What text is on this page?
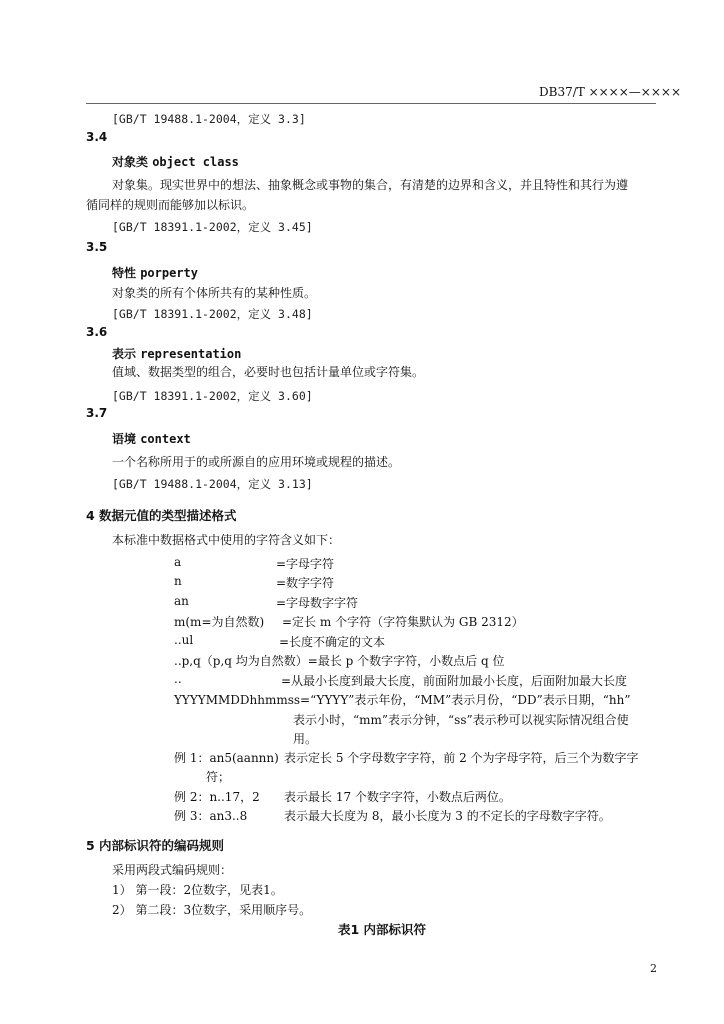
DB37/T ××××—××××
[GB/T 19488.1-2004，定义 3.3]
3.4
对象类 object class
对象集。现实世界中的想法、抽象概念或事物的集合，有清楚的边界和含义，并且特性和其行为遵
循同样的规则而能够加以标识。
[GB/T 18391.1-2002，定义 3.45]
3.5
特性 porperty
对象类的所有个体所共有的某种性质。
[GB/T 18391.1-2002，定义 3.48]
3.6
表示 representation
值域、数据类型的组合，必要时也包括计量单位或字符集。
[GB/T 18391.1-2002，定义 3.60]
3.7
语境 context
一个名称所用于的或所源自的应用环境或规程的描述。
[GB/T 19488.1-2004，定义 3.13]
4 数据元值的类型描述格式
本标准中数据格式中使用的字符含义如下：
a	=字母字符
n	=数字字符
an	=字母数字字符
m(m=为自然数) =定长 m 个字符（字符集默认为 GB 2312）
..ul	=长度不确定的文本
..p,q（p,q 均为自然数）=最长 p 个数字字符，小数点后 q 位
..	=从最小长度到最大长度，前面附加最小长度，后面附加最大长度
YYYYMMDDhhmmss=“YYYY”表示年份，“MM”表示月份，“DD”表示日期，“hh”
表示小时，“mm”表示分钟，“ss”表示秒可以视实际情况组合使
用。
例 1：an5(aannn) 表示定长 5 个字母数字字符，前 2 个为字母字符，后三个为数字字
符；
例 2：n..17，2 表示最长 17 个数字字符，小数点后两位。
例 3：an3..8	表示最大长度为 8，最小长度为 3 的不定长的字母数字字符。
5 内部标识符的编码规则
采用两段式编码规则：
1） 第一段：2位数字，见表1。
2） 第二段：3位数字，采用顺序号。
表1 内部标识符
2
